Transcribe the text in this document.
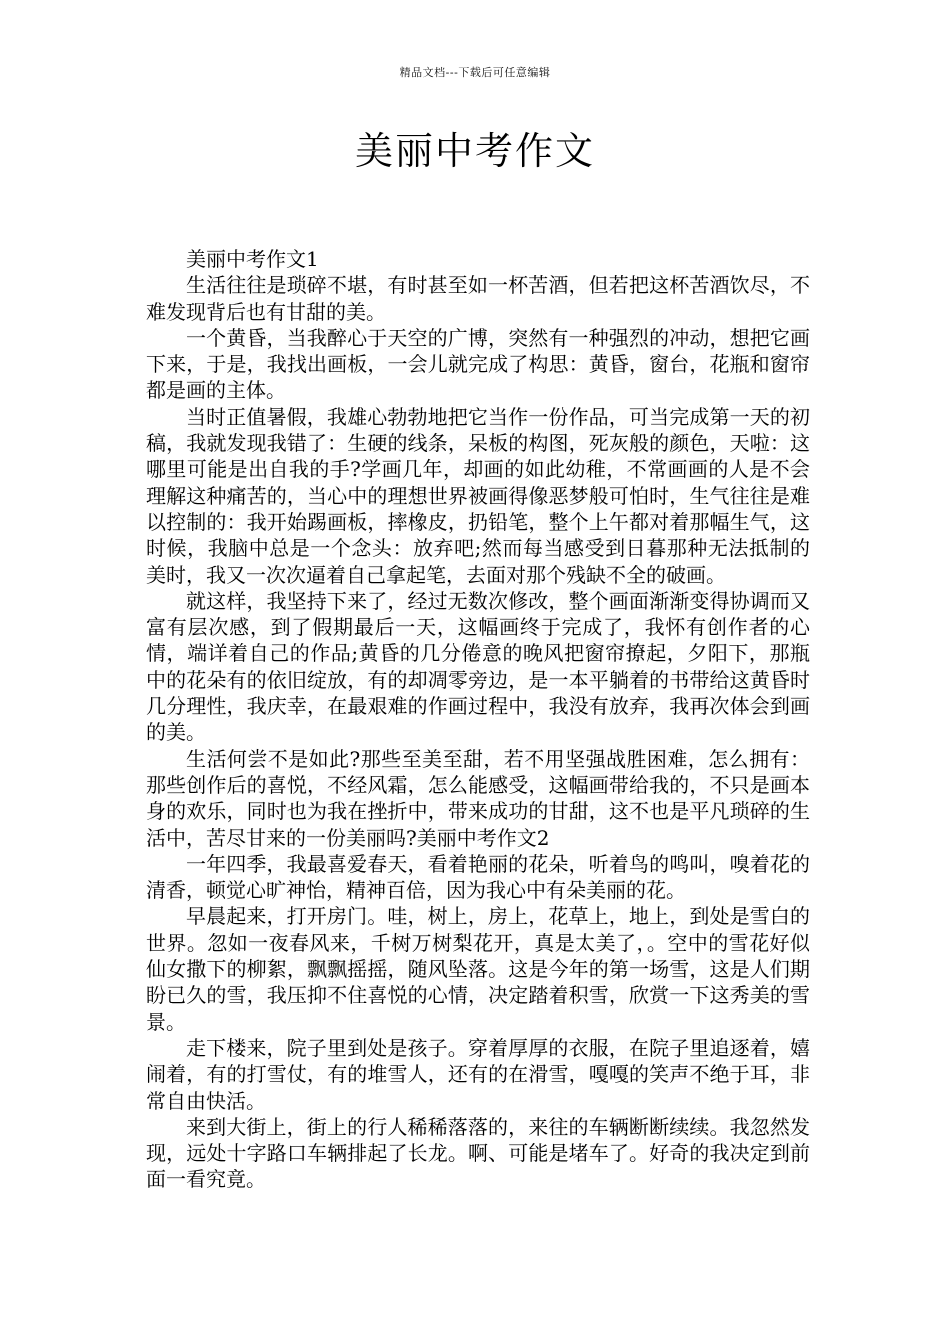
精品文档---下载后可任意编辑
美丽中考作文

美丽中考作文1

生活往往是琐碎不堪，有时甚至如一杯苦酒，但若把这杯苦酒饮尽，不难发现背后也有甘甜的美。

一个黄昏，当我醉心于天空的广博，突然有一种强烈的冲动，想把它画下来，于是，我找出画板，一会儿就完成了构思：黄昏，窗台，花瓶和窗帘都是画的主体。

当时正值暑假，我雄心勃勃地把它当作一份作品，可当完成第一天的初稿，我就发现我错了：生硬的线条，呆板的构图，死灰般的颜色，天啦：这哪里可能是出自我的手?学画几年，却画的如此幼稚，不常画画的人是不会理解这种痛苦的，当心中的理想世界被画得像恶梦般可怕时，生气往往是难以控制的：我开始踢画板，摔橡皮，扔铅笔，整个上午都对着那幅生气，这时候，我脑中总是一个念头：放弃吧;然而每当感受到日暮那种无法抵制的美时，我又一次次逼着自己拿起笔，去面对那个残缺不全的破画。

就这样，我坚持下来了，经过无数次修改，整个画面渐渐变得协调而又富有层次感，到了假期最后一天，这幅画终于完成了，我怀有创作者的心情，端详着自己的作品;黄昏的几分倦意的晚风把窗帘撩起，夕阳下，那瓶中的花朵有的依旧绽放，有的却凋零旁边，是一本平躺着的书带给这黄昏时几分理性，我庆幸，在最艰难的作画过程中，我没有放弃，我再次体会到画的美。

生活何尝不是如此?那些至美至甜，若不用坚强战胜困难，怎么拥有：那些创作后的喜悦，不经风霜，怎么能感受，这幅画带给我的，不只是画本身的欢乐，同时也为我在挫折中，带来成功的甘甜，这不也是平凡琐碎的生活中，苦尽甘来的一份美丽吗?美丽中考作文2

一年四季，我最喜爱春天，看着艳丽的花朵，听着鸟的鸣叫，嗅着花的清香，顿觉心旷神怡，精神百倍，因为我心中有朵美丽的花。

早晨起来，打开房门。哇，树上，房上，花草上，地上，到处是雪白的世界。忽如一夜春风来，千树万树梨花开，真是太美了，。空中的雪花好似仙女撒下的柳絮，飘飘摇摇，随风坠落。这是今年的第一场雪，这是人们期盼已久的雪，我压抑不住喜悦的心情，决定踏着积雪，欣赏一下这秀美的雪景。

走下楼来，院子里到处是孩子。穿着厚厚的衣服，在院子里追逐着，嬉闹着，有的打雪仗，有的堆雪人，还有的在滑雪，嘎嘎的笑声不绝于耳，非常自由快活。

来到大街上，街上的行人稀稀落落的，来往的车辆断断续续。我忽然发现，远处十字路口车辆排起了长龙。啊、可能是堵车了。好奇的我决定到前面一看究竟。
